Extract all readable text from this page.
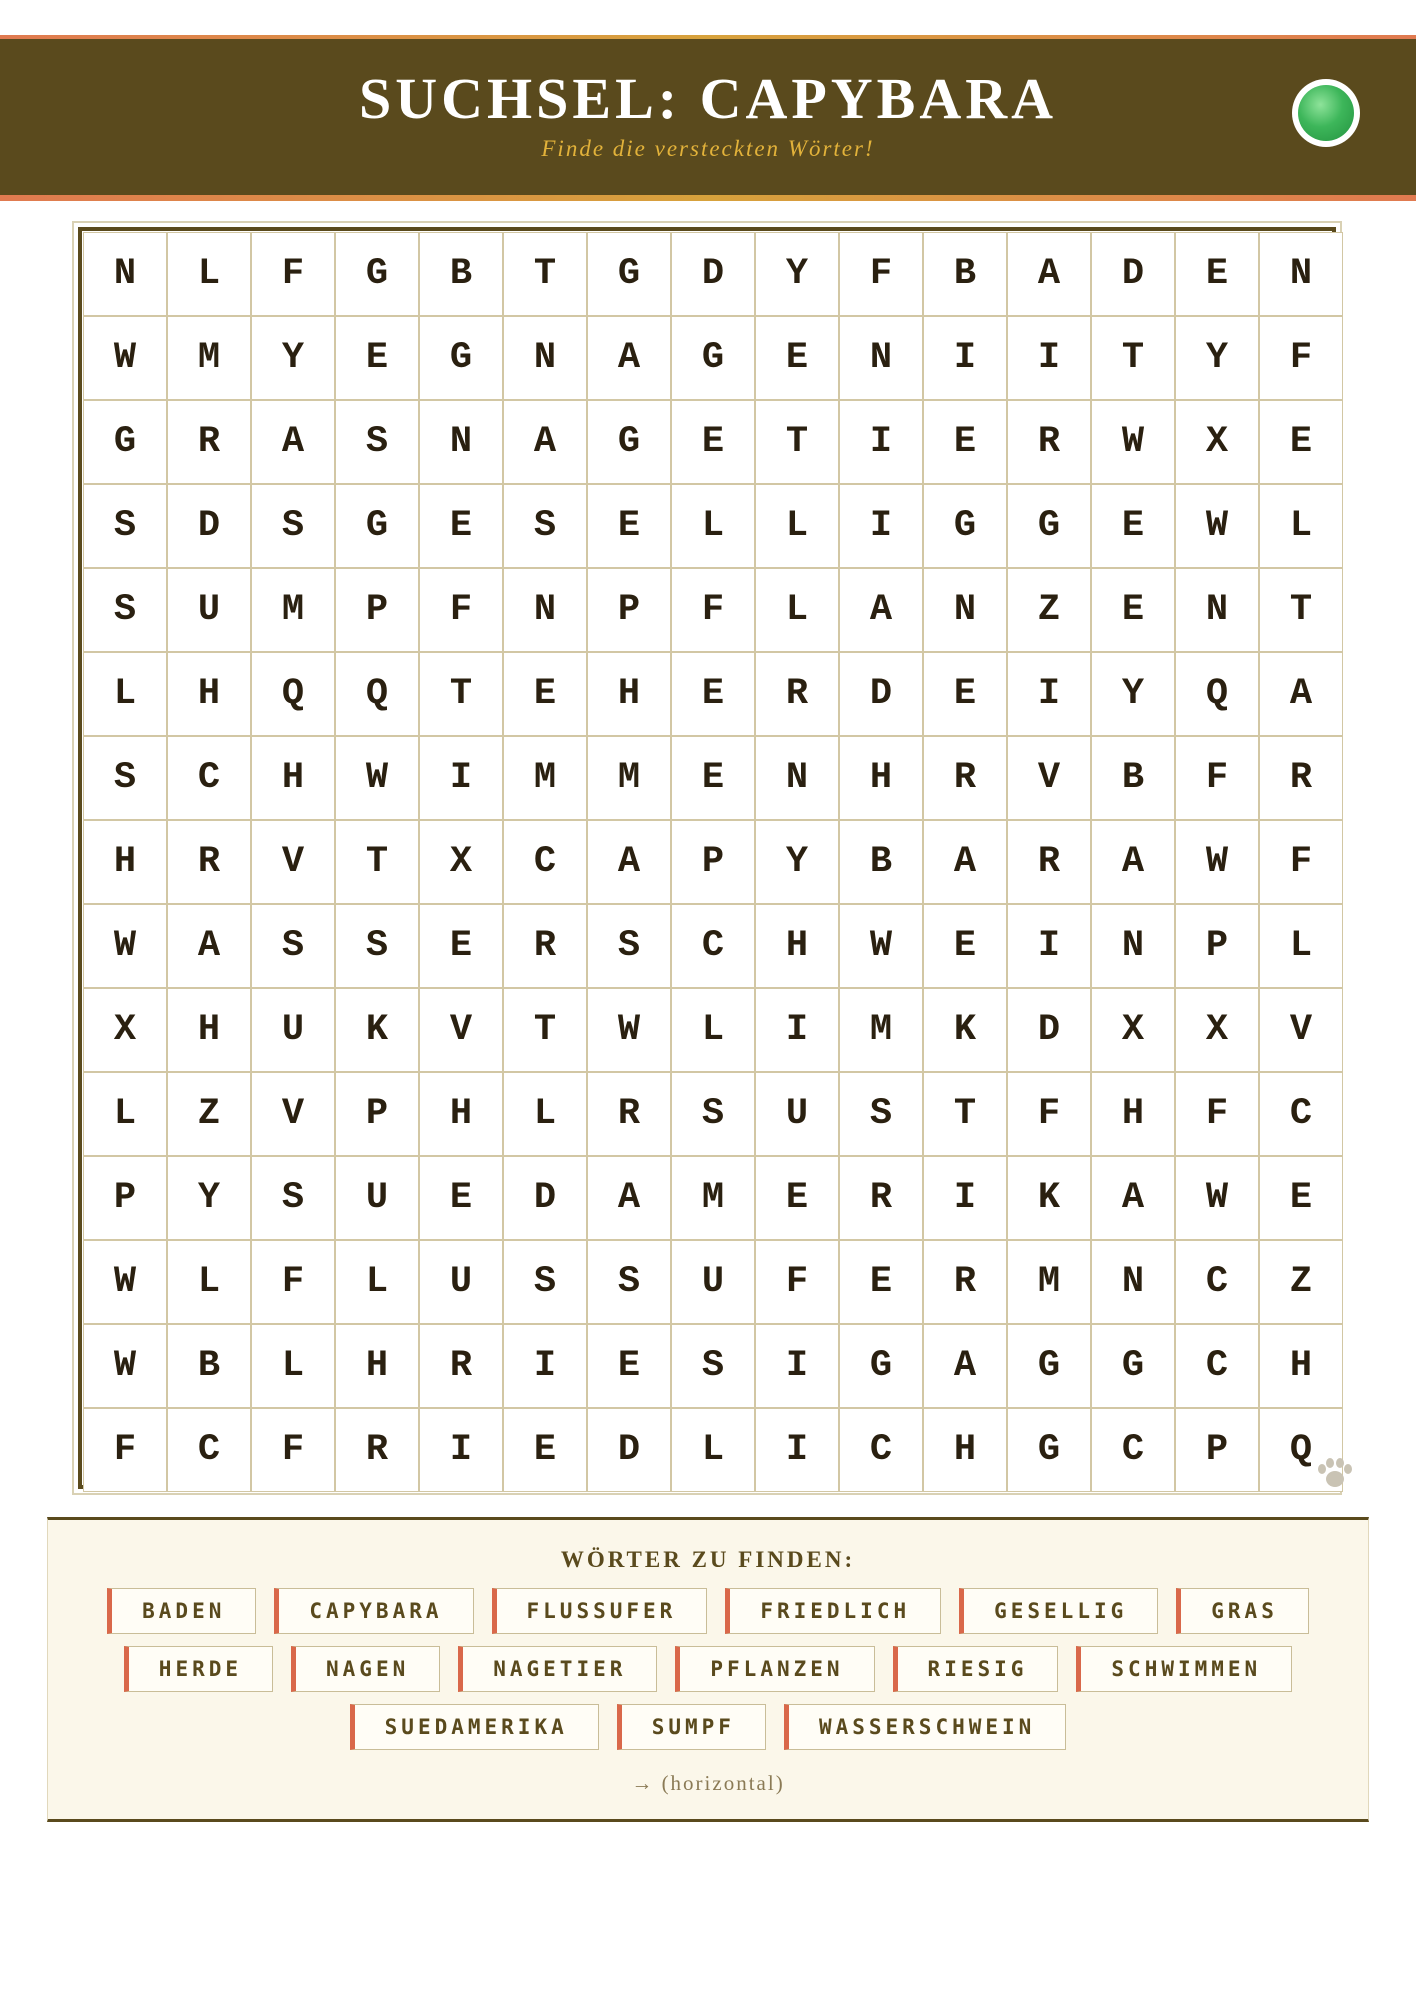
SUCHSEL: CAPYBARA
Finde die versteckten Wörter!
N	L	F	G	B	T	G	D	Y	F	B	A	D	E	N
W	M	Y	E	G	N	A	G	E	N	I	I	T	Y	F
G	R	A	S	N	A	G	E	T	I	E	R	W	X	E
S	D	S	G	E	S	E	L	L	I	G	G	E	W	L
S	U	M	P	F	N	P	F	L	A	N	Z	E	N	T
L	H	Q	Q	T	E	H	E	R	D	E	I	Y	Q	A
S	C	H	W	I	M	M	E	N	H	R	V	B	F	R
H	R	V	T	X	C	A	P	Y	B	A	R	A	W	F
W	A	S	S	E	R	S	C	H	W	E	I	N	P	L
X	H	U	K	V	T	W	L	I	M	K	D	X	X	V
L	Z	V	P	H	L	R	S	U	S	T	F	H	F	C
P	Y	S	U	E	D	A	M	E	R	I	K	A	W	E
W	L	F	L	U	S	S	U	F	E	R	M	N	C	Z
W	B	L	H	R	I	E	S	I	G	A	G	G	C	H
F	C	F	R	I	E	D	L	I	C	H	G	C	P	Q
WÖRTER ZU FINDEN:
BADEN	CAPYBARA	FLUSSUFER	FRIEDLICH	GESELLIG	GRAS
HERDE	NAGEN	NAGETIER	PFLANZEN	RIESIG	SCHWIMMEN
SUEDAMERIKA	SUMPF	WASSERSCHWEIN
→ (horizontal)
